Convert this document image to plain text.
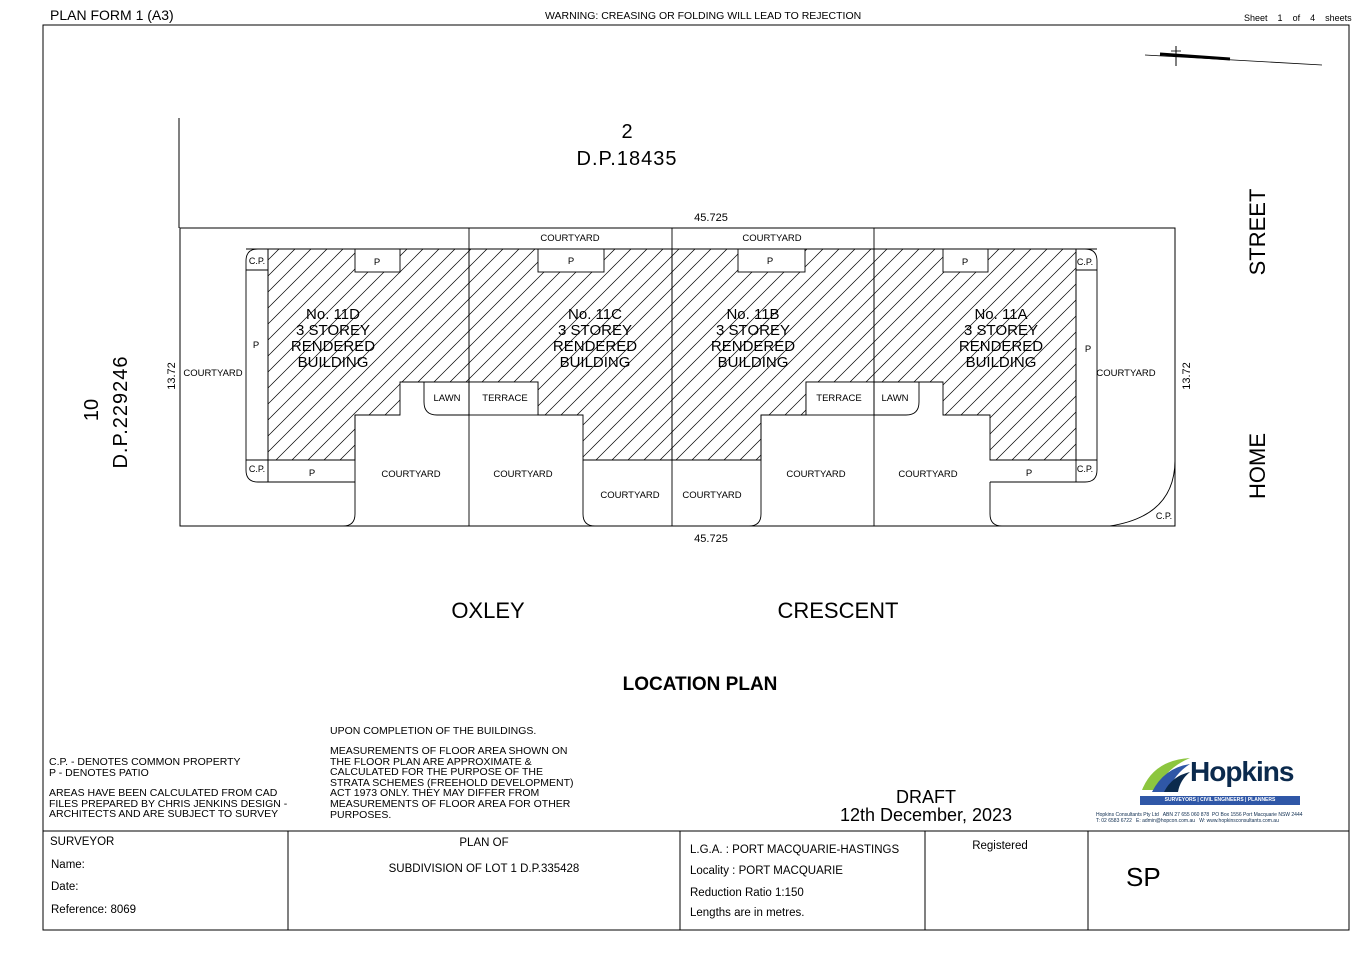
PLAN FORM 1 (A3)	WARNING: CREASING OR FOLDING WILL LEAD TO REJECTION	Sheet 1 of 4 sheets
2
D.P.18435
45.725
45.725
COURTYARD	COURTYARD
P	P	P	P
C.P.	C.P.
C.P.	C.P.
C.P.
P	P
COURTYARD	COURTYARD
LAWN TERRACE	TERRACE LAWN
P	P
COURTYARD	COURTYARD
COURTYARD COURTYARD
COURTYARD	COURTYARD
No. 11D
3 STOREY
RENDERED
BUILDING
No. 11C
3 STOREY
RENDERED
BUILDING
No. 11B
3 STOREY
RENDERED
BUILDING
No. 11A
3 STOREY
RENDERED
BUILDING
13.72	13.72
10 D.P.229246
STREET
HOME
OXLEY	CRESCENT
LOCATION PLAN
C.P. - DENOTES COMMON PROPERTY
P - DENOTES PATIO
AREAS HAVE BEEN CALCULATED FROM CAD
FILES PREPARED BY CHRIS JENKINS DESIGN -
ARCHITECTS AND ARE SUBJECT TO SURVEY
UPON COMPLETION OF THE BUILDINGS.
MEASUREMENTS OF FLOOR AREA SHOWN ON
THE FLOOR PLAN ARE APPROXIMATE &
CALCULATED FOR THE PURPOSE OF THE
STRATA SCHEMES (FREEHOLD DEVELOPMENT)
ACT 1973 ONLY. THEY MAY DIFFER FROM
MEASUREMENTS OF FLOOR AREA FOR OTHER
PURPOSES.
DRAFT
12th December, 2023
Hopkins
SURVEYORS | CIVIL ENGINEERS | PLANNERS
Hopkins Consultants Pty Ltd   ABN 27 655 060 878  PO Box 1556 Port Macquarie NSW 2444
T: 02 6583 6722   E: admin@hopcon.com.au   W: www.hopkinsconsultants.com.au
SURVEYOR
Name:
Date:
Reference: 8069
PLAN OF
SUBDIVISION OF LOT 1 D.P.335428
L.G.A. : PORT MACQUARIE-HASTINGS
Locality : PORT MACQUARIE
Reduction Ratio 1:150
Lengths are in metres.
Registered
SP
